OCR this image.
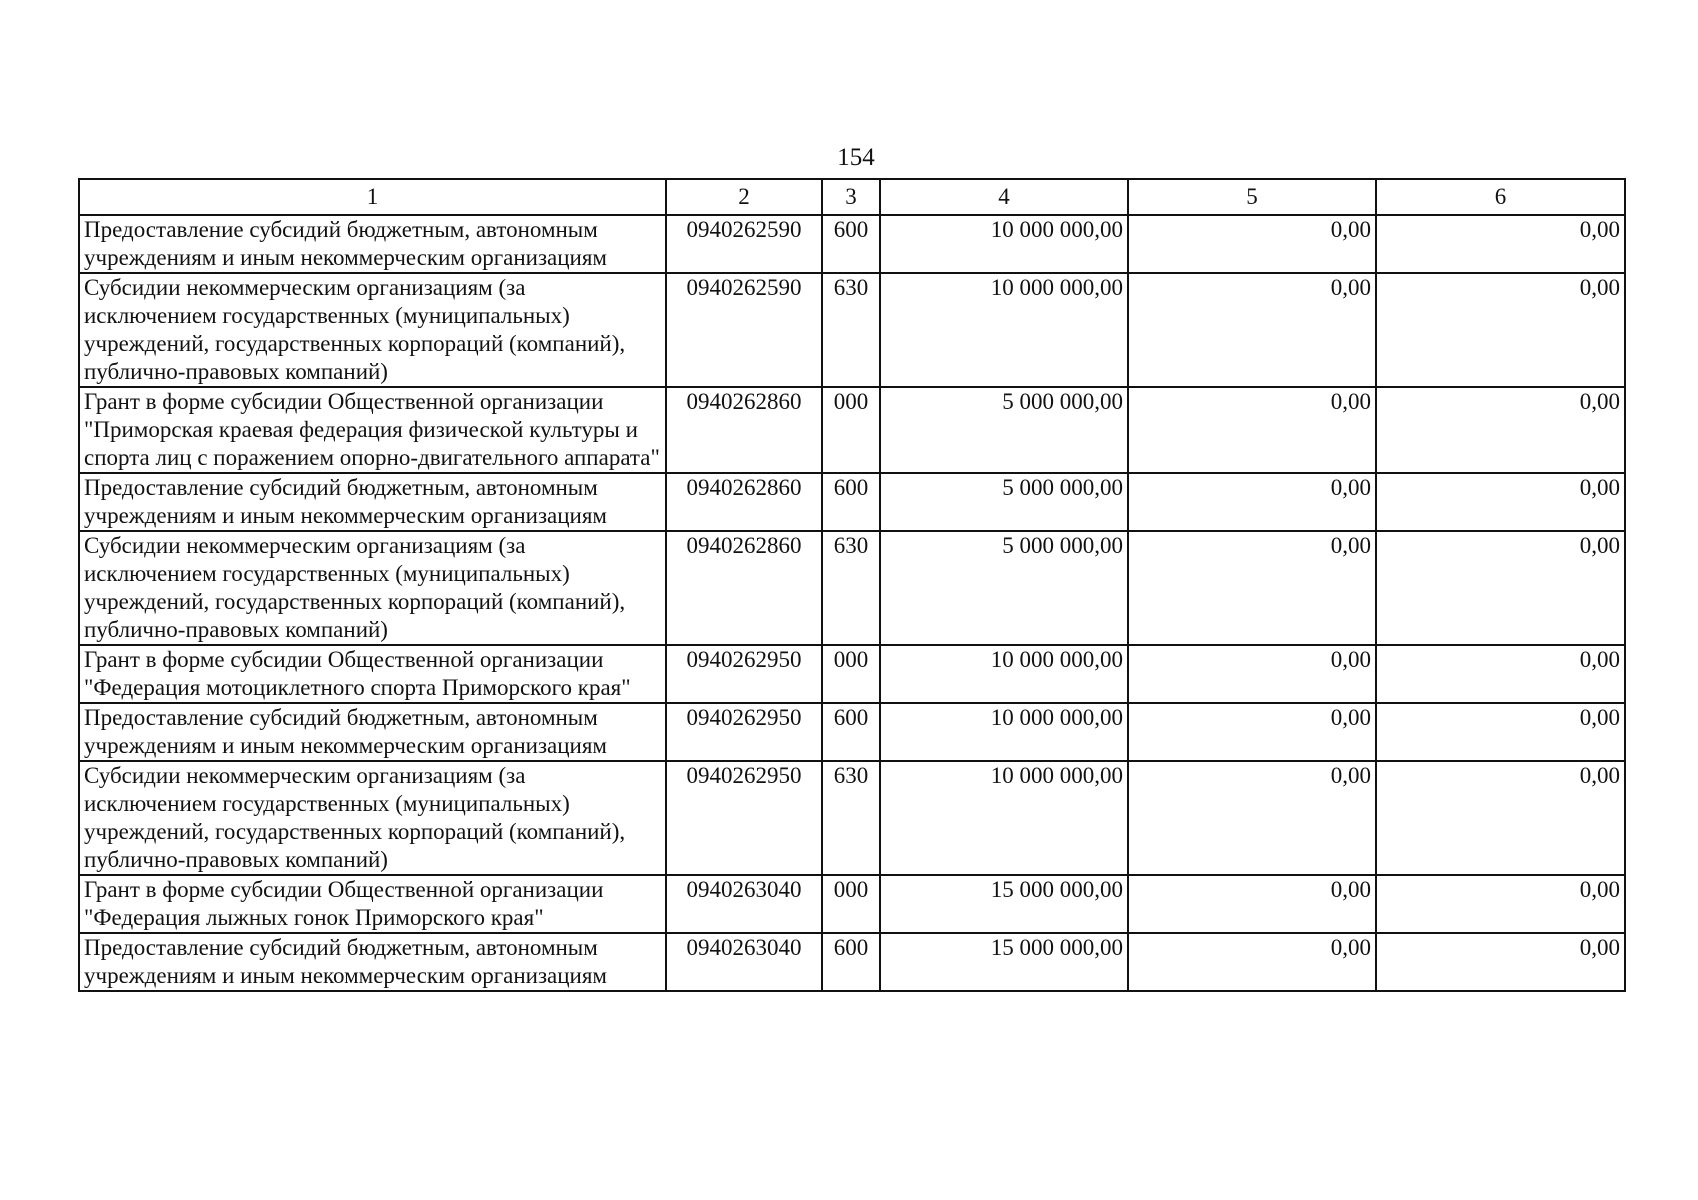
154
1	2	3	4	5	6
Предоставление субсидий бюджетным, автономным учреждениям и иным некоммерческим организациям	0940262590	600	10 000 000,00	0,00	0,00
Субсидии некоммерческим организациям (за исключением государственных (муниципальных) учреждений, государственных корпораций (компаний), публично-правовых компаний)	0940262590	630	10 000 000,00	0,00	0,00
Грант в форме субсидии Общественной организации "Приморская краевая федерация физической культуры и спорта лиц с поражением опорно-двигательного аппарата"	0940262860	000	5 000 000,00	0,00	0,00
Предоставление субсидий бюджетным, автономным учреждениям и иным некоммерческим организациям	0940262860	600	5 000 000,00	0,00	0,00
Субсидии некоммерческим организациям (за исключением государственных (муниципальных) учреждений, государственных корпораций (компаний), публично-правовых компаний)	0940262860	630	5 000 000,00	0,00	0,00
Грант в форме субсидии Общественной организации "Федерация мотоциклетного спорта Приморского края"	0940262950	000	10 000 000,00	0,00	0,00
Предоставление субсидий бюджетным, автономным учреждениям и иным некоммерческим организациям	0940262950	600	10 000 000,00	0,00	0,00
Субсидии некоммерческим организациям (за исключением государственных (муниципальных) учреждений, государственных корпораций (компаний), публично-правовых компаний)	0940262950	630	10 000 000,00	0,00	0,00
Грант в форме субсидии Общественной организации "Федерация лыжных гонок Приморского края"	0940263040	000	15 000 000,00	0,00	0,00
Предоставление субсидий бюджетным, автономным учреждениям и иным некоммерческим организациям	0940263040	600	15 000 000,00	0,00	0,00
